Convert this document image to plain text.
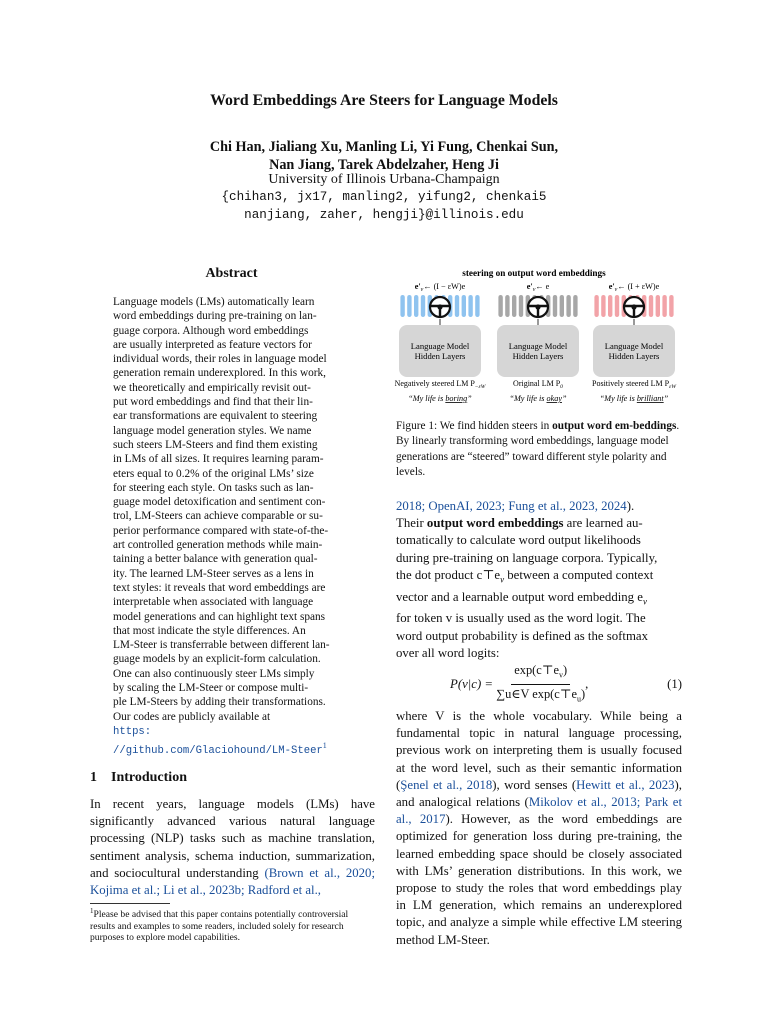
Word Embeddings Are Steers for Language Models
Chi Han, Jialiang Xu, Manling Li, Yi Fung, Chenkai Sun,
Nan Jiang, Tarek Abdelzaher, Heng Ji
University of Illinois Urbana-Champaign
{chihan3, jx17, manling2, yifung2, chenkai5
nanjiang, zaher, hengji}@illinois.edu
Abstract
Language models (LMs) automatically learn
word embeddings during pre-training on lan-
guage corpora. Although word embeddings
are usually interpreted as feature vectors for
individual words, their roles in language model
generation remain underexplored. In this work,
we theoretically and empirically revisit out-
put word embeddings and find that their lin-
ear transformations are equivalent to steering
language model generation styles. We name
such steers LM-Steers and find them existing
in LMs of all sizes. It requires learning param-
eters equal to 0.2% of the original LMs’ size
for steering each style. On tasks such as lan-
guage model detoxification and sentiment con-
trol, LM-Steers can achieve comparable or su-
perior performance compared with state-of-the-
art controlled generation methods while main-
taining a better balance with generation qual-
ity. The learned LM-Steer serves as a lens in
text styles: it reveals that word embeddings are
interpretable when associated with language
model generations and can highlight text spans
that most indicate the style differences. An
LM-Steer is transferrable between different lan-
guage models by an explicit-form calculation.
One can also continuously steer LMs simply
by scaling the LM-Steer or compose multi-
ple LM-Steers by adding their transformations.
Our codes are publicly available at
https:
//github.com/Glaciohound/LM-Steer$^1$
1 Introduction
In recent years, language models (LMs) have significantly advanced various natural language processing (NLP) tasks such as machine translation, sentiment analysis, schema induction, summarization, and sociocultural understanding (Brown et al., 2020; Kojima et al.; Li et al., 2023b; Radford et al.,
$^1$Please be advised that this paper contains potentially controversial results and examples to some readers, included solely for research purposes to explore model capabilities.
steering on output word embeddings
$e'_v\leftarrow$ (I − εW)e
Language Model
Hidden Layers
Negatively steered LM $P_{-\varepsilon W}$
“My life is boring”
$e'_v\leftarrow$ e
Language Model
Hidden Layers
Original LM $P_0$
“My life is okay”
$e'_v\leftarrow$ (I + εW)e
Language Model
Hidden Layers
Positively steered LM $P_{\varepsilon W}$
“My life is brilliant”
Figure 1: We find hidden steers in output word em-beddings. By linearly transforming word embeddings, language model generations are “steered” toward different style polarity and levels.
2018; OpenAI, 2023; Fung et al., 2023, 2024).
Their output word embeddings are learned au-
tomatically to calculate word output likelihoods
during pre-training on language corpora. Typically,
the dot product $c⊤e_v$ between a computed context
vector and a learnable output word embedding $e_v$
for token v is usually used as the word logit. The
word output probability is defined as the softmax
over all word logits:
$P(v|c) = \frac{\exp(c⊤e_v)}{\sum u\in V \exp(c⊤e_u)}$ ,	(1)
where V is the whole vocabulary. While being a fundamental topic in natural language processing, previous work on interpreting them is usually focused at the word level, such as their semantic information (Şenel et al., 2018), word senses (Hewitt et al., 2023), and analogical relations (Mikolov et al., 2013; Park et al., 2017). However, as the word embeddings are optimized for generation loss during pre-training, the learned embedding space should be closely associated with LMs’ generation distributions. In this work, we propose to study the roles that word embeddings play in LM generation, which remains an underexplored topic, and analyze a simple while effective LM steering method LM-Steer.
